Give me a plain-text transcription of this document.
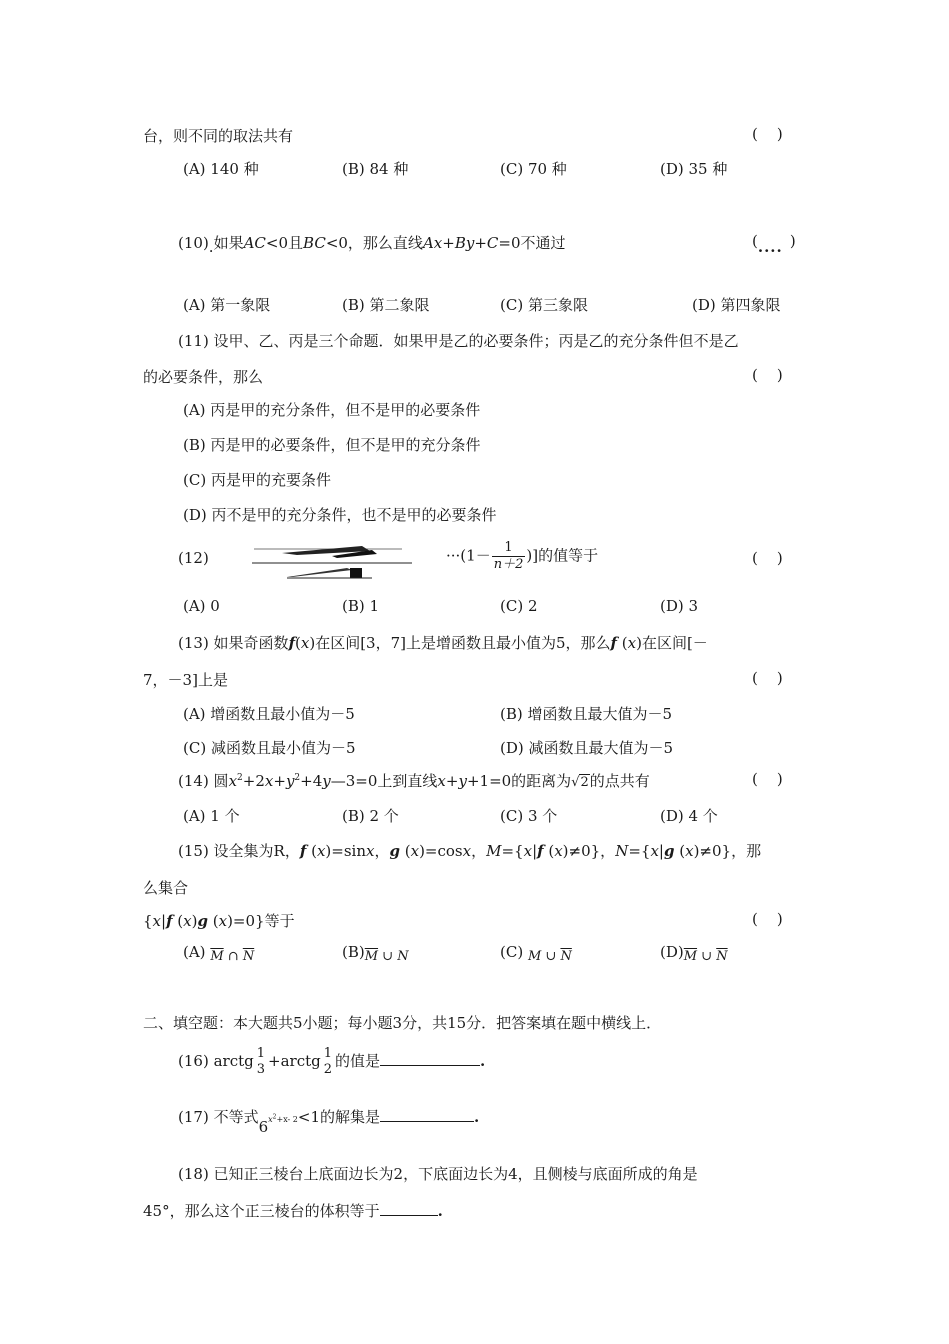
台，则不同的取法共有	(    )
(A) 140 种	(B) 84 种	(C) 70 种	(D) 35 种
(10).如果AC<0且BC<0，那么直线Ax+By+C=0不通过	(.... )
(A) 第一象限	(B) 第二象限	(C) 第三象限	(D) 第四象限
(11) 设甲、乙、丙是三个命题．如果甲是乙的必要条件；丙是乙的充分条件但不是乙
的必要条件，那么	(    )
(A) 丙是甲的充分条件，但不是甲的必要条件
(B) 丙是甲的必要条件，但不是甲的充分条件
(C) 丙是甲的充要条件
(D) 丙不是甲的充分条件，也不是甲的必要条件
(12)	$\cdot\cdot\cdot(1- \frac{1}{n+2}$ )]的值等于	(    )
(A) 0	(B) 1	(C) 2	(D) 3
(13) 如果奇函数f(x)在区间[3，7]上是增函数且最小值为5，那么f (x)在区间[－
7，－3]上是	(    )
(A) 增函数且最小值为－5	(B) 增函数且最大值为－5
(C) 减函数且最小值为－5	(D) 减函数且最大值为－5
(14) 圆$x^2+2x+y^2+4y—3=0$上到直线x+y+1=0的距离为√2的点共有	(    )
(A) 1 个	(B) 2 个	(C) 3 个	(D) 4 个
(15) 设全集为R，f (x)=sinx，g (x)=cosx，M={x|f (x)≠0}，N={x|g (x)≠0}，那
么集合
{x|f (x)g (x)=0}等于	(    )
(A) $\overline{M}$ ∩ $\overline{N}$	$(B)\overline{M}$ ∪ N	(C) M ∪ $\overline{N}$	$(D)\overline{M}$ ∪ $\overline{N}$
二、填空题：本大题共5小题；每小题3分，共15分．把答案填在题中横线上．
(16) arctg 1
3 +arctg 1
2 的值是	.
(17) 不等式$6^{x^2+x- 2}<1$的解集是	.
(18) 已知正三棱台上底面边长为2，下底面边长为4，且侧棱与底面所成的角是
45°，那么这个正三棱台的体积等于	.
